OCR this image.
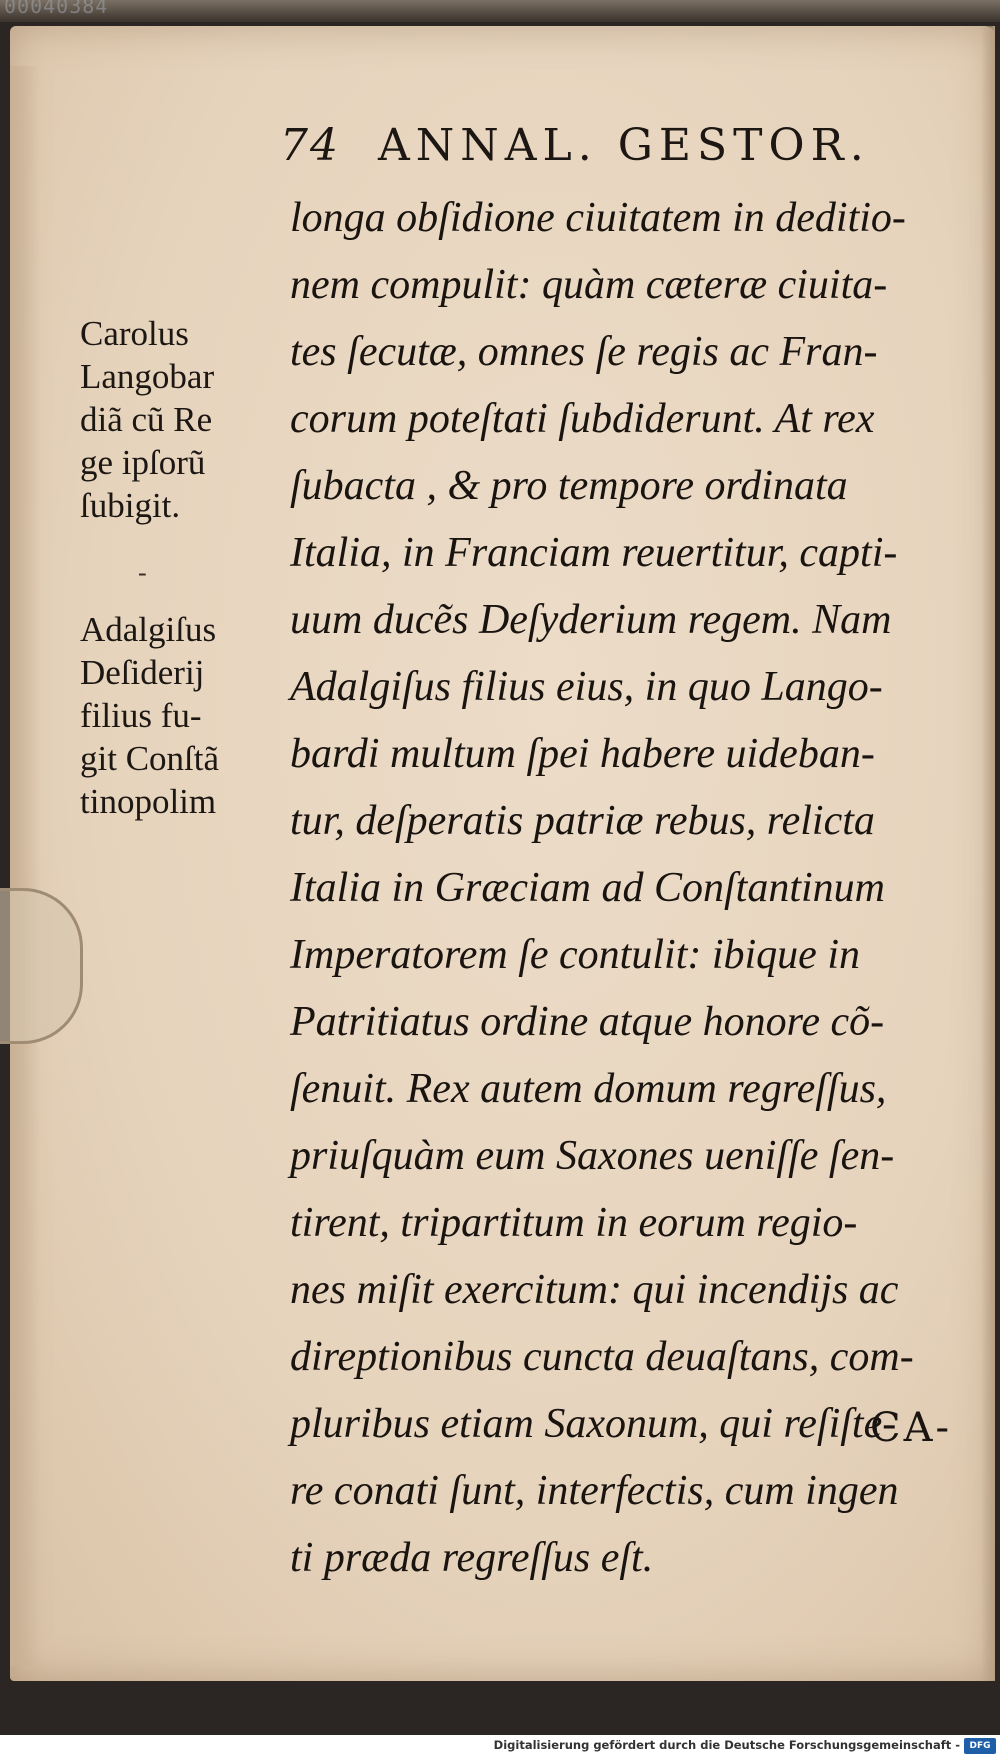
00040384
74 ANNAL. GESTOR.
Carolus
Langobar
diã cũ Re
ge ipſorũ
ſubigit.
-
Adalgiſus
Deſiderij
filius fu-
git Conſtã
tinopolim
longa obſidione ciuitatem in deditio-
nem compulit: quàm cæteræ ciuita-
tes ſecutæ, omnes ſe regis ac Fran-
corum poteſtati ſubdiderunt. At rex
ſubacta , & pro tempore ordinata
Italia, in Franciam reuertitur, capti-
uum ducẽs Deſyderium regem. Nam
Adalgiſus filius eius, in quo Lango-
bardi multum ſpei habere uideban-
tur, deſperatis patriæ rebus, relicta
Italia in Græciam ad Conſtantinum
Imperatorem ſe contulit: ibique in
Patritiatus ordine atque honore cõ-
ſenuit. Rex autem domum regreſſus,
priuſquàm eum Saxones ueniſſe ſen-
tirent, tripartitum in eorum regio-
nes miſit exercitum: qui incendijs ac
direptionibus cuncta deuaſtans, com-
pluribus etiam Saxonum, qui reſiſte-
re conati ſunt, interfectis, cum ingen
ti præda regreſſus eſt.
CA-
Digitalisierung gefördert durch die Deutsche Forschungsgemeinschaft -	DFG
